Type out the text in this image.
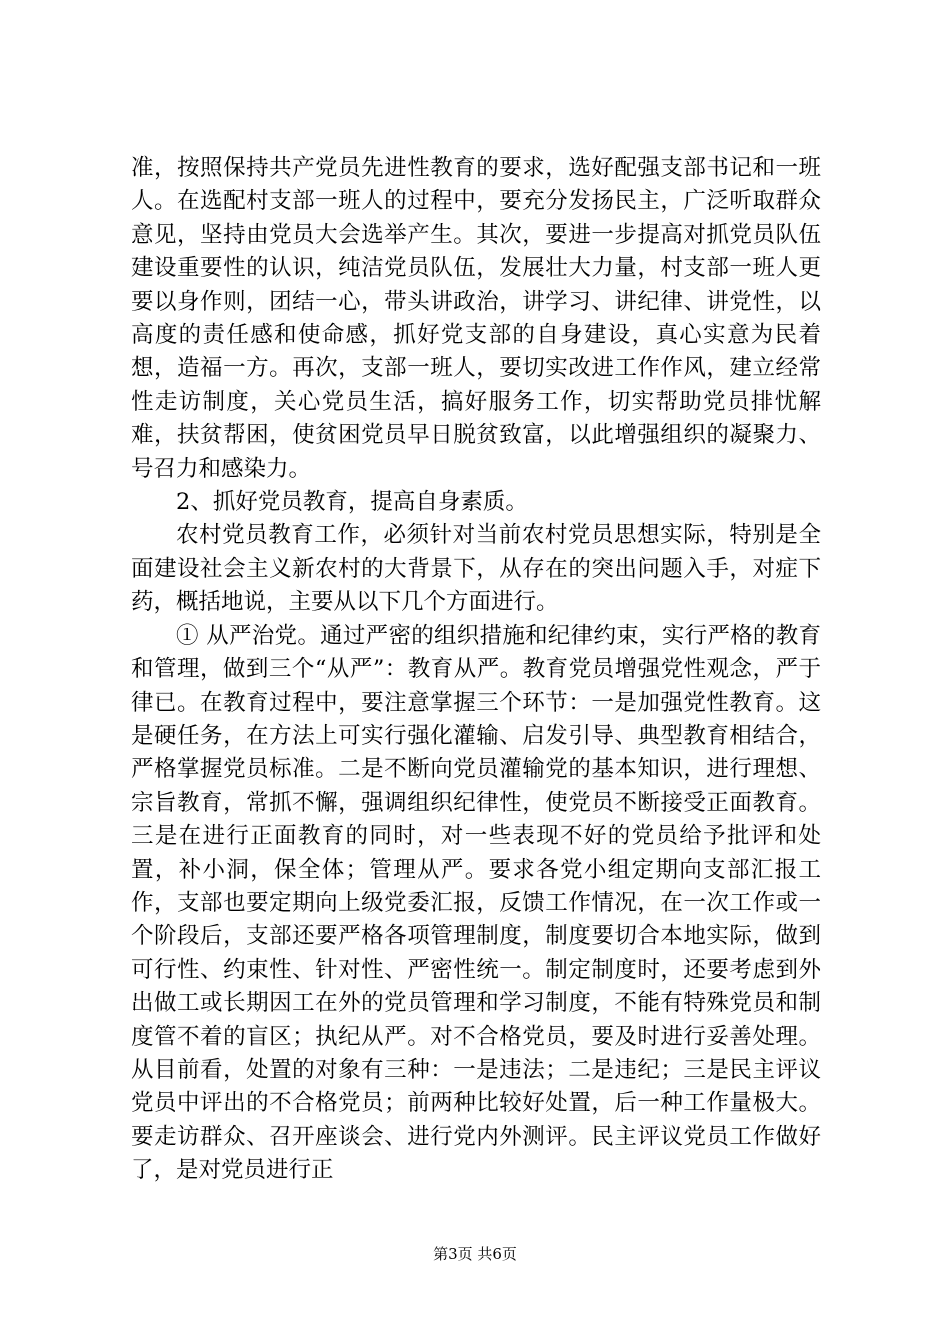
准，按照保持共产党员先进性教育的要求，选好配强支部书记和一班人。在选配村支部一班人的过程中，要充分发扬民主，广泛听取群众意见，坚持由党员大会选举产生。其次，要进一步提高对抓党员队伍建设重要性的认识，纯洁党员队伍，发展壮大力量，村支部一班人更要以身作则，团结一心，带头讲政治，讲学习、讲纪律、讲党性，以高度的责任感和使命感，抓好党支部的自身建设，真心实意为民着想，造福一方。再次，支部一班人，要切实改进工作作风，建立经常性走访制度，关心党员生活，搞好服务工作，切实帮助党员排忧解难，扶贫帮困，使贫困党员早日脱贫致富，以此增强组织的凝聚力、号召力和感染力。

2、抓好党员教育，提高自身素质。

农村党员教育工作，必须针对当前农村党员思想实际，特别是全面建设社会主义新农村的大背景下，从存在的突出问题入手，对症下药，概括地说，主要从以下几个方面进行。

① 从严治党。通过严密的组织措施和纪律约束，实行严格的教育和管理，做到三个“从严”：教育从严。教育党员增强党性观念，严于律已。在教育过程中，要注意掌握三个环节：一是加强党性教育。这是硬任务，在方法上可实行强化灌输、启发引导、典型教育相结合，严格掌握党员标准。二是不断向党员灌输党的基本知识，进行理想、宗旨教育，常抓不懈，强调组织纪律性，使党员不断接受正面教育。三是在进行正面教育的同时，对一些表现不好的党员给予批评和处置，补小洞，保全体；管理从严。要求各党小组定期向支部汇报工作，支部也要定期向上级党委汇报，反馈工作情况，在一次工作或一个阶段后，支部还要严格各项管理制度，制度要切合本地实际，做到可行性、约束性、针对性、严密性统一。制定制度时，还要考虑到外出做工或长期因工在外的党员管理和学习制度，不能有特殊党员和制度管不着的盲区；执纪从严。对不合格党员，要及时进行妥善处理。从目前看，处置的对象有三种：一是违法；二是违纪；三是民主评议党员中评出的不合格党员；前两种比较好处置，后一种工作量极大。要走访群众、召开座谈会、进行党内外测评。民主评议党员工作做好了，是对党员进行正

第3页 共6页
